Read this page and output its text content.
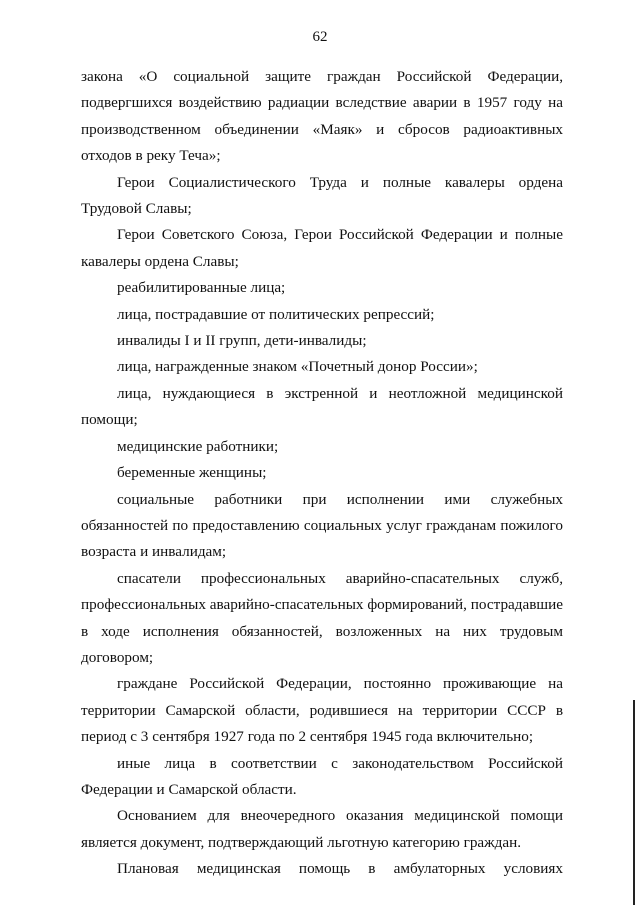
62

закона «О социальной защите граждан Российской Федерации, подвергшихся воздействию радиации вследствие аварии в 1957 году на производственном объединении «Маяк» и сбросов радиоактивных отходов в реку Теча»;

Герои Социалистического Труда и полные кавалеры ордена Трудовой Славы;

Герои Советского Союза, Герои Российской Федерации и полные кавалеры ордена Славы;

реабилитированные лица;

лица, пострадавшие от политических репрессий;

инвалиды I и II групп, дети-инвалиды;

лица, награжденные знаком «Почетный донор России»;

лица, нуждающиеся в экстренной и неотложной медицинской помощи;

медицинские работники;

беременные женщины;

социальные работники при исполнении ими служебных обязанностей по предоставлению социальных услуг гражданам пожилого возраста и инвалидам;

спасатели профессиональных аварийно-спасательных служб, профессиональных аварийно-спасательных формирований, пострадавшие в ходе исполнения обязанностей, возложенных на них трудовым договором;

граждане Российской Федерации, постоянно проживающие на территории Самарской области, родившиеся на территории СССР в период с 3 сентября 1927 года по 2 сентября 1945 года включительно;

иные лица в соответствии с законодательством Российской Федерации и Самарской области.

Основанием для внеочередного оказания медицинской помощи является документ, подтверждающий льготную категорию граждан.

Плановая медицинская помощь в амбулаторных условиях
